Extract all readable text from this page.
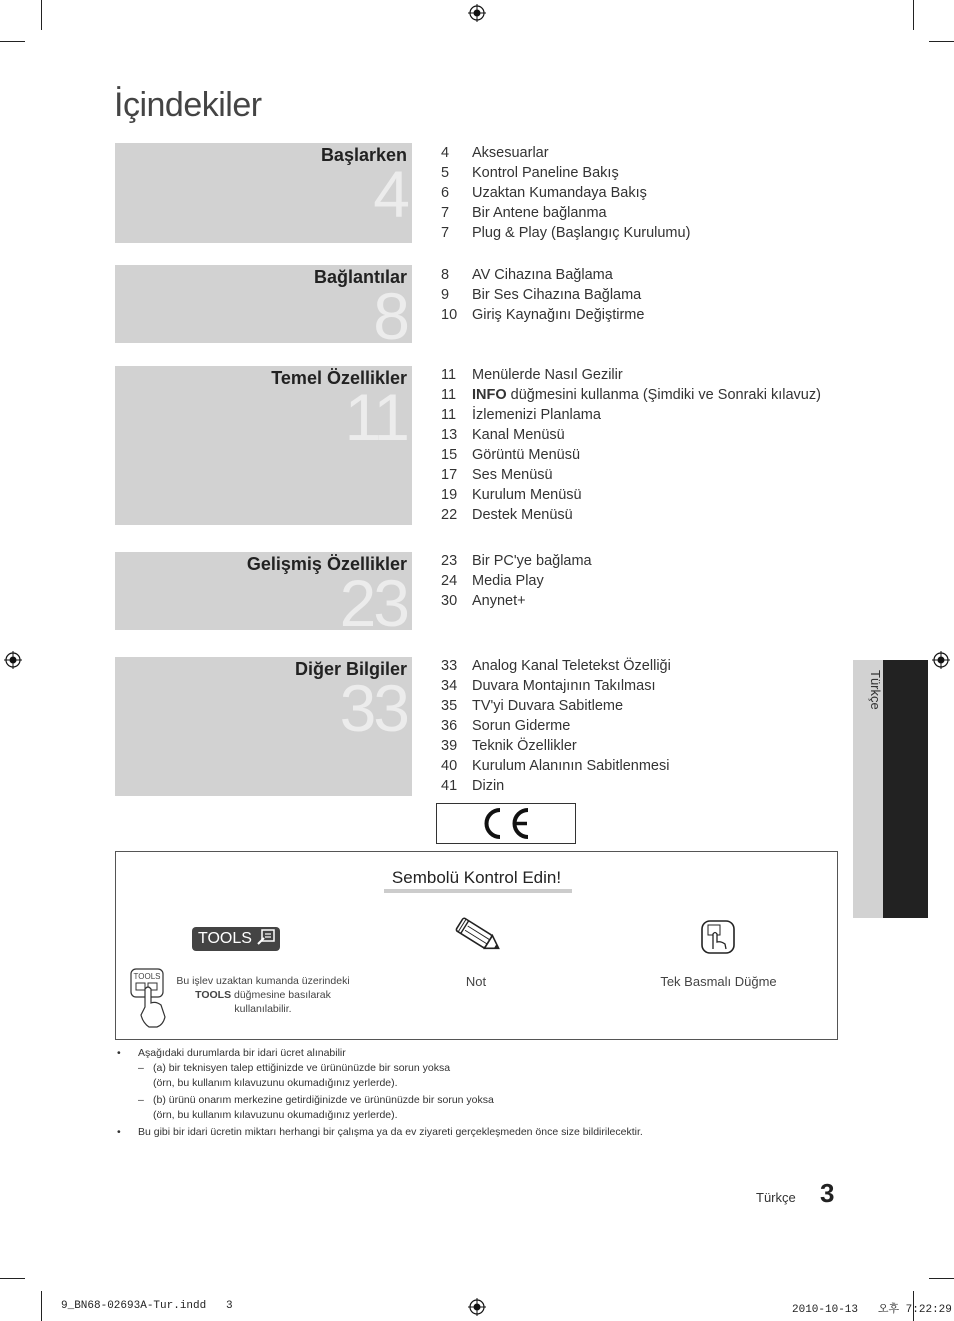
İçindekiler
Başlarken
4
4 Aksesuarlar
5 Kontrol Paneline Bakış
6 Uzaktan Kumandaya Bakış
7 Bir Antene bağlanma
7 Plug & Play (Başlangıç Kurulumu)
Bağlantılar
8
8 AV Cihazına Bağlama
9 Bir Ses Cihazına Bağlama
10 Giriş Kaynağını Değiştirme
Temel Özellikler
11
11 Menülerde Nasıl Gezilir
11 INFO düğmesini kullanma (Şimdiki ve Sonraki kılavuz)
11 İzlemenizi Planlama
13 Kanal Menüsü
15 Görüntü Menüsü
17 Ses Menüsü
19 Kurulum Menüsü
22 Destek Menüsü
Gelişmiş Özellikler
23
23 Bir PC'ye bağlama
24 Media Play
30 Anynet+
Diğer Bilgiler
33
33 Analog Kanal Teletekst Özelliği
34 Duvara Montajının Takılması
35 TV'yi Duvara Sabitleme
36 Sorun Giderme
39 Teknik Özellikler
40 Kurulum Alanının Sabitlenmesi
41 Dizin
Türkçe
Sembolü Kontrol Edin!
TOOLS
TOOLS	Bu işlev uzaktan kumanda üzerindeki
TOOLS düğmesine basılarak
kullanılabilir.
Not	Tek Basmalı Düğme
• Aşağıdaki durumlarda bir idari ücret alınabilir
– (a) bir teknisyen talep ettiğinizde ve ürününüzde bir sorun yoksa
(örn, bu kullanım kılavuzunu okumadığınız yerlerde).
– (b) ürünü onarım merkezine getirdiğinizde ve ürününüzde bir sorun yoksa
(örn, bu kullanım kılavuzunu okumadığınız yerlerde).
• Bu gibi bir idari ücretin miktarı herhangi bir çalışma ya da ev ziyareti gerçekleşmeden önce size bildirilecektir.
Türkçe 3
9_BN68-02693A-Tur.indd   3	2010-10-13   오후 7:22:29
